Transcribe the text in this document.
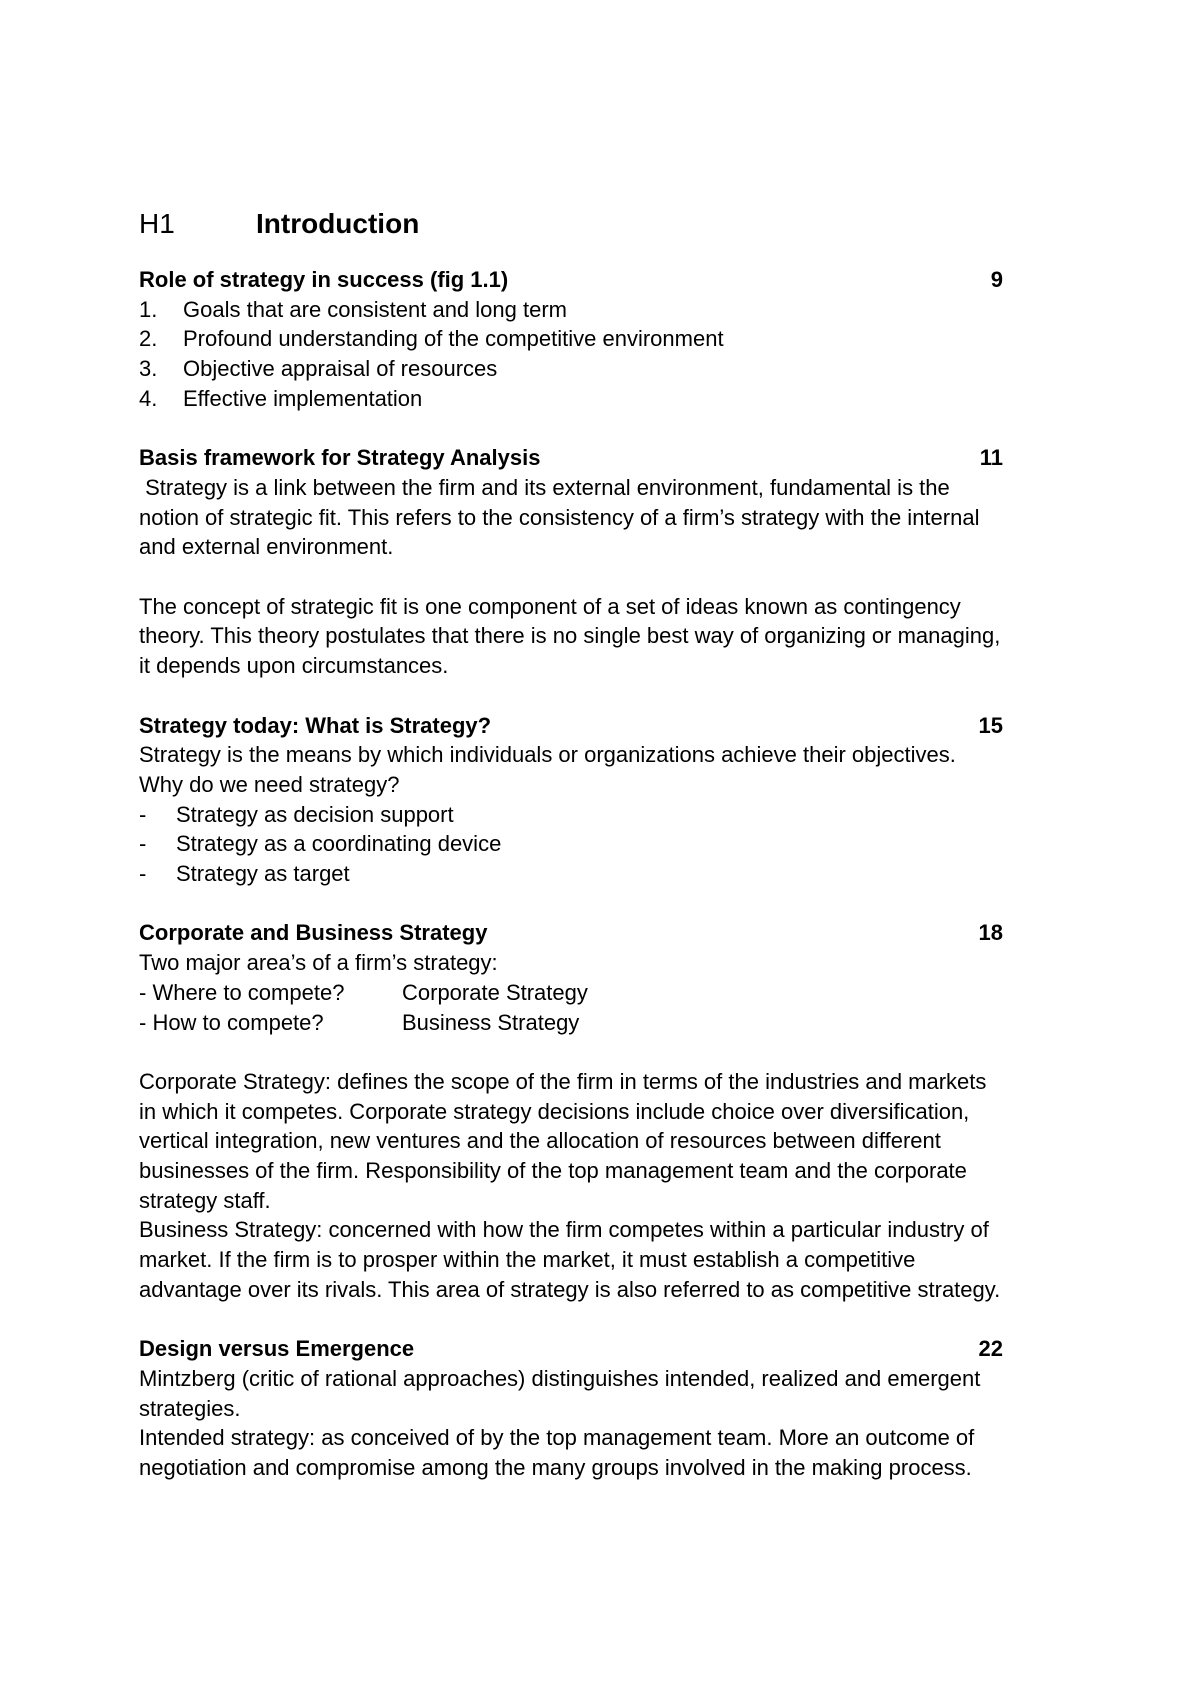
H1	Introduction
Role of strategy in success (fig 1.1)	9
1.	Goals that are consistent and long term
2.	Profound understanding of the competitive environment
3.	Objective appraisal of resources
4.	Effective implementation
Basis framework for Strategy Analysis	11

Strategy is a link between the firm and its external environment, fundamental is the notion of strategic fit. This refers to the consistency of a firm’s strategy with the internal and external environment.

The concept of strategic fit is one component of a set of ideas known as contingency theory. This theory postulates that there is no single best way of organizing or managing, it depends upon circumstances.

Strategy today: What is Strategy?	15

Strategy is the means by which individuals or organizations achieve their objectives.

Why do we need strategy?

-	Strategy as decision support
-	Strategy as a coordinating device
-	Strategy as target
Corporate and Business Strategy	18

Two major area’s of a firm’s strategy:

- Where to compete?	Corporate Strategy
- How to compete?	Business Strategy

Corporate Strategy: defines the scope of the firm in terms of the industries and markets in which it competes. Corporate strategy decisions include choice over diversification, vertical integration, new ventures and the allocation of resources between different businesses of the firm. Responsibility of the top management team and the corporate strategy staff.

Business Strategy: concerned with how the firm competes within a particular industry of market. If the firm is to prosper within the market, it must establish a competitive advantage over its rivals. This area of strategy is also referred to as competitive strategy.

Design versus Emergence	22

Mintzberg (critic of rational approaches) distinguishes intended, realized and emergent strategies.

Intended strategy: as conceived of by the top management team. More an outcome of negotiation and compromise among the many groups involved in the making process.
